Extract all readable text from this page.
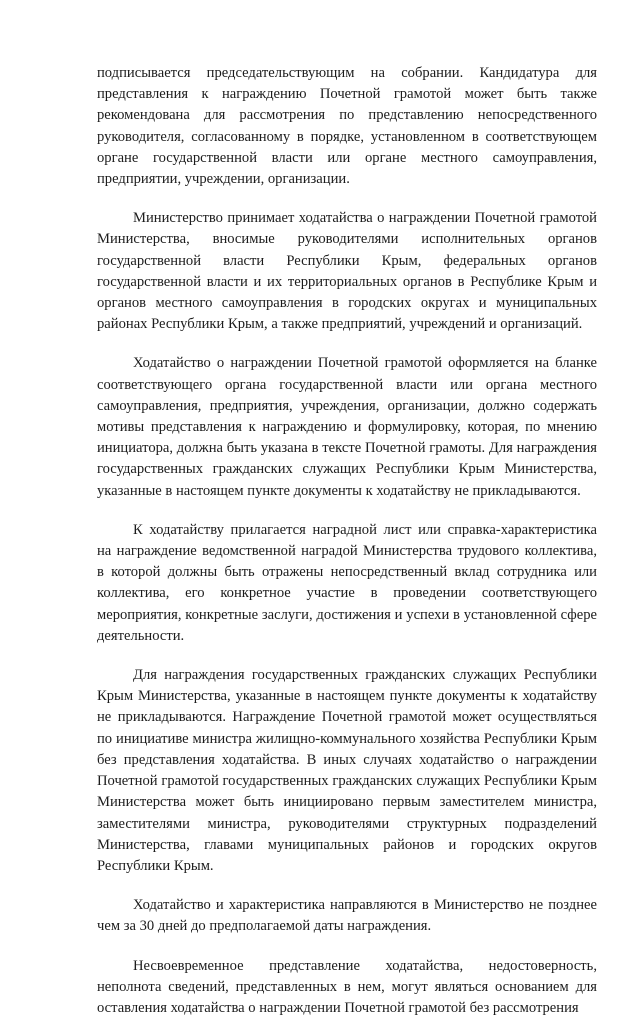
подписывается председательствующим на собрании. Кандидатура для представления к награждению Почетной грамотой может быть также рекомендована для рассмотрения по представлению непосредственного руководителя, согласованному в порядке, установленном в соответствующем органе государственной власти или органе местного самоуправления, предприятии, учреждении, организации.

Министерство принимает ходатайства о награждении Почетной грамотой Министерства, вносимые руководителями исполнительных органов государственной власти Республики Крым, федеральных органов государственной власти и их территориальных органов в Республике Крым и органов местного самоуправления в городских округах и муниципальных районах Республики Крым, а также предприятий, учреждений и организаций.

Ходатайство о награждении Почетной грамотой оформляется на бланке соответствующего органа государственной власти или органа местного самоуправления, предприятия, учреждения, организации, должно содержать мотивы представления к награждению и формулировку, которая, по мнению инициатора, должна быть указана в тексте Почетной грамоты. Для награждения государственных гражданских служащих Республики Крым Министерства, указанные в настоящем пункте документы к ходатайству не прикладываются.

К ходатайству прилагается наградной лист или справка-характеристика на награждение ведомственной наградой Министерства трудового коллектива, в которой должны быть отражены непосредственный вклад сотрудника или коллектива, его конкретное участие в проведении соответствующего мероприятия, конкретные заслуги, достижения и успехи в установленной сфере деятельности.

Для награждения государственных гражданских служащих Республики Крым Министерства, указанные в настоящем пункте документы к ходатайству не прикладываются. Награждение Почетной грамотой может осуществляться по инициативе министра жилищно-коммунального хозяйства Республики Крым без представления ходатайства. В иных случаях ходатайство о награждении Почетной грамотой государственных гражданских служащих Республики Крым Министерства может быть инициировано первым заместителем министра, заместителями министра, руководителями структурных подразделений Министерства, главами муниципальных районов и городских округов Республики Крым.

Ходатайство и характеристика направляются в Министерство не позднее чем за 30 дней до предполагаемой даты награждения.

Несвоевременное представление ходатайства, недостоверность, неполнота сведений, представленных в нем, могут являться основанием для оставления ходатайства о награждении Почетной грамотой без рассмотрения
